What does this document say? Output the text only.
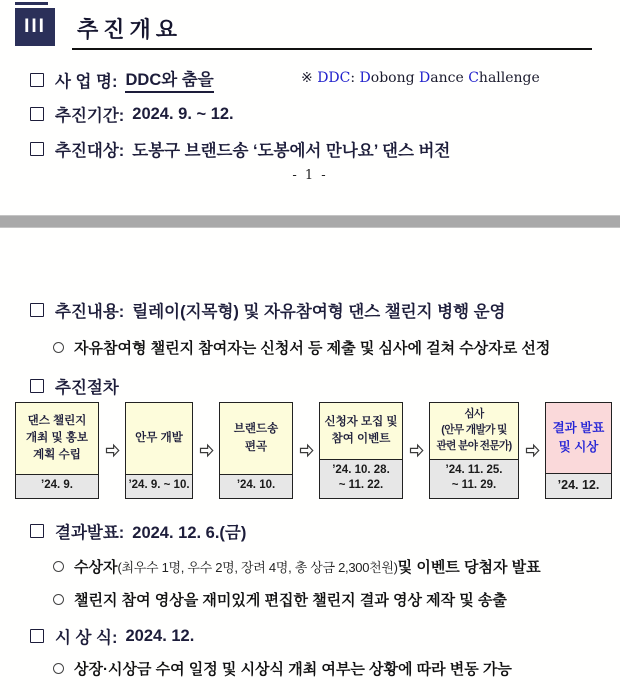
III	추진개요
사 업 명: DDC와 춤을	※ DDC: Dobong Dance Challenge
추진기간: 2024. 9. ~ 12.
추진대상: 도봉구 브랜드송 ‘도봉에서 만나요’ 댄스 버전
- 1 -
추진내용: 릴레이(지목형) 및 자유참여형 댄스 챌린지 병행 운영
자유참여형 챌린지 참여자는 신청서 등 제출 및 심사에 걸쳐 수상자로 선정
추진절차
댄스 챌린지
개최 및 홍보
계획 수립
’24. 9.
안무 개발
’24. 9. ~ 10.
브랜드송
편곡
’24. 10.
신청자 모집 및
참여 이벤트
’24. 10. 28.
~ 11. 22.
심사
(안무 개발가 및
관련 분야 전문가)
’24. 11. 25.
~ 11. 29.
결과 발표
및 시상
’24. 12.
결과발표: 2024. 12. 6.(금)
수상자 (최우수 1명, 우수 2명, 장려 4명, 총 상금 2,300천원) 및 이벤트 당첨자 발표
챌린지 참여 영상을 재미있게 편집한 챌린지 결과 영상 제작 및 송출
시 상 식: 2024. 12.
상장·시상금 수여 일정 및 시상식 개최 여부는 상황에 따라 변동 가능
